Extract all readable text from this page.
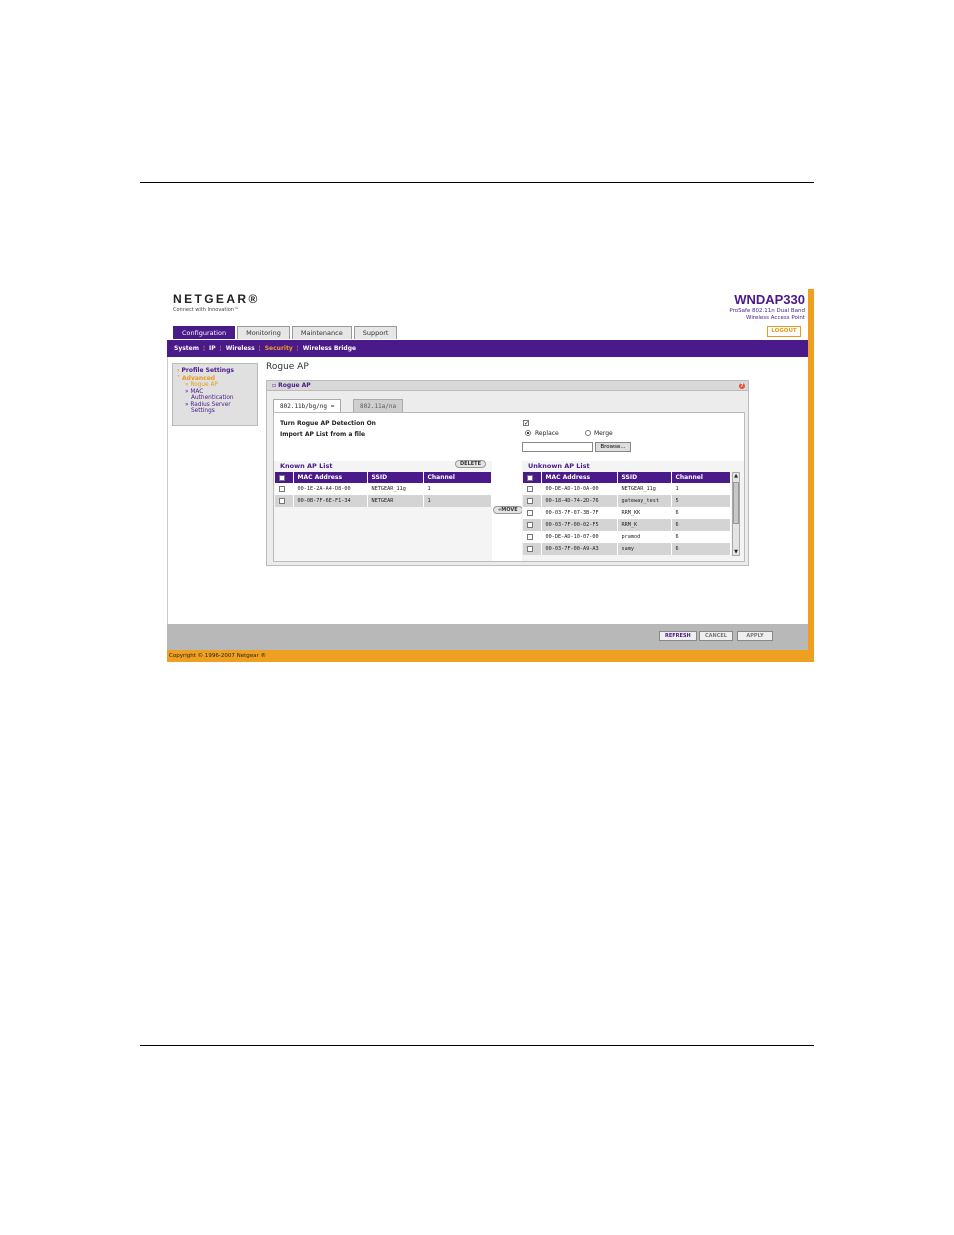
NETGEAR®
Connect with Innovation™
WNDAP330
ProSafe 802.11n Dual Band
Wireless Access Point
LOGOUT
Configuration	Monitoring	Maintenance	Support
System ¦ IP ¦ Wireless ¦ Security ¦ Wireless Bridge
› Profile Settings
˅ Advanced
» Rogue AP
» MAC
Authentication
» Radius Server
Settings
Rogue AP
▫ Rogue AP	?
802.11b/bg/ng ≈	802.11a/na
Turn Rogue AP Detection On	✓
Import AP List from a file	Replace	Merge
Browse...
Known AP List	DELETE
	MAC Address	SSID	Channel
	00-1E-2A-A4-D8-00	NETGEAR_11g	1
	00-0B-7F-6E-F1-34	NETGEAR	1
«MOVE
Unknown AP List
	MAC Address	SSID	Channel
	00-DE-AD-10-0A-00	NETGEAR_11g	1
	00-18-4D-74-2D-76	gateway_test	5
	00-03-7F-07-3B-7F	RRM_KK	6
	00-03-7F-00-02-F5	RRM_K	6
	00-DE-AD-10-07-00	pramod	6
	00-03-7F-00-A9-A3	samy	6
▲
▼
REFRESH	CANCEL	APPLY
Copyright © 1996-2007 Netgear ®
